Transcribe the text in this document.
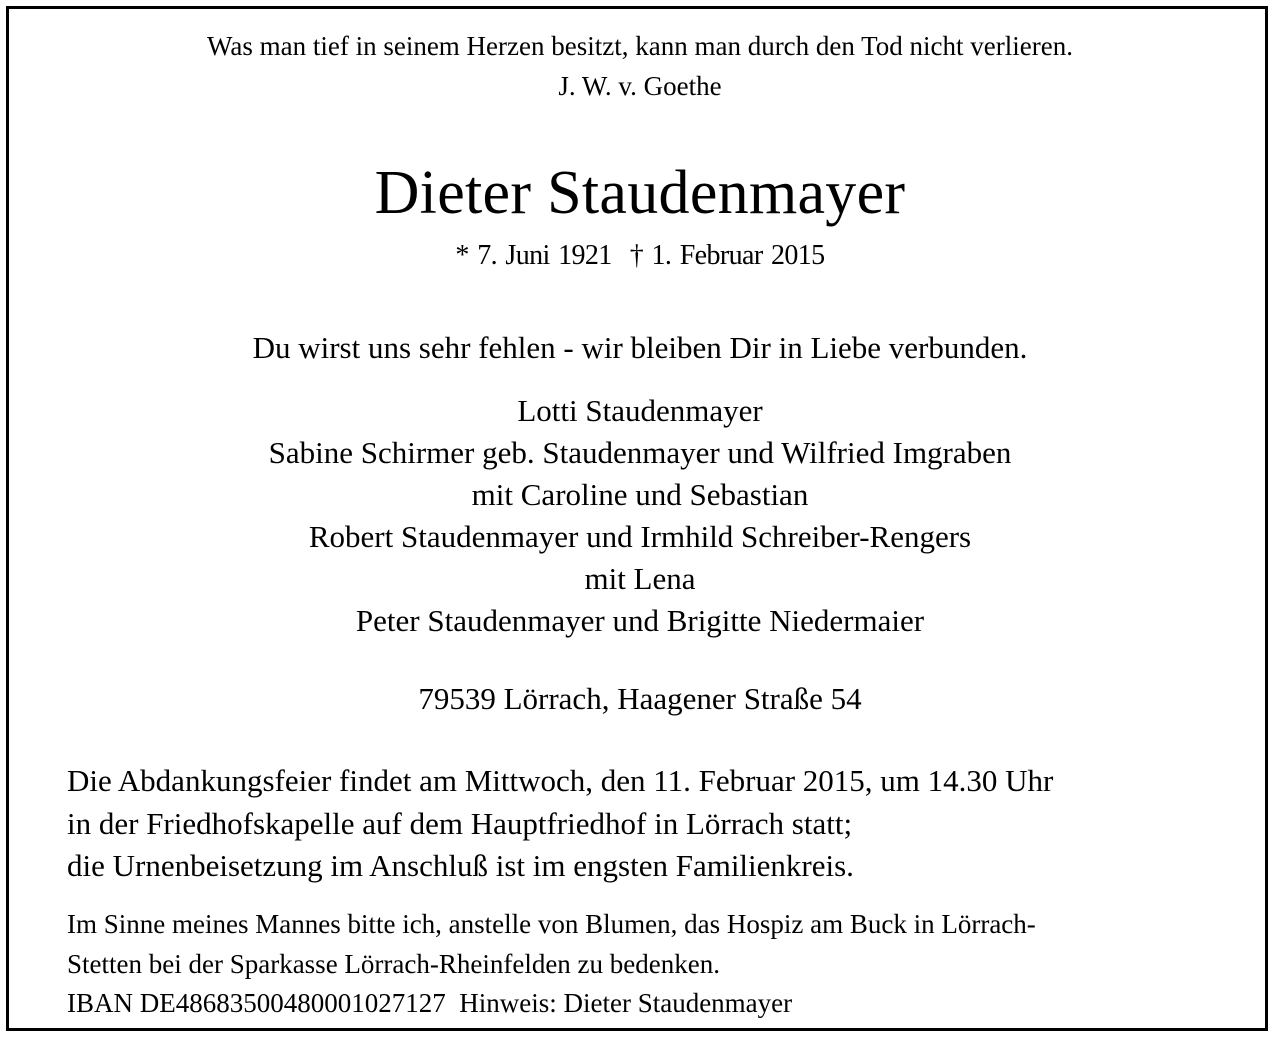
Was man tief in seinem Herzen besitzt, kann man durch den Tod nicht verlieren.
J. W. v. Goethe
Dieter Staudenmayer
* 7. Juni 1921 † 1. Februar 2015
Du wirst uns sehr fehlen - wir bleiben Dir in Liebe verbunden.
Lotti Staudenmayer
Sabine Schirmer geb. Staudenmayer und Wilfried Imgraben
mit Caroline und Sebastian
Robert Staudenmayer und Irmhild Schreiber-Rengers
mit Lena
Peter Staudenmayer und Brigitte Niedermaier
79539 Lörrach, Haagener Straße 54
Die Abdankungsfeier findet am Mittwoch, den 11. Februar 2015, um 14.30 Uhr
in der Friedhofskapelle auf dem Hauptfriedhof in Lörrach statt;
die Urnenbeisetzung im Anschluß ist im engsten Familienkreis.
Im Sinne meines Mannes bitte ich, anstelle von Blumen, das Hospiz am Buck in Lörrach-
Stetten bei der Sparkasse Lörrach-Rheinfelden zu bedenken.
IBAN DE48683500480001027127  Hinweis: Dieter Staudenmayer
